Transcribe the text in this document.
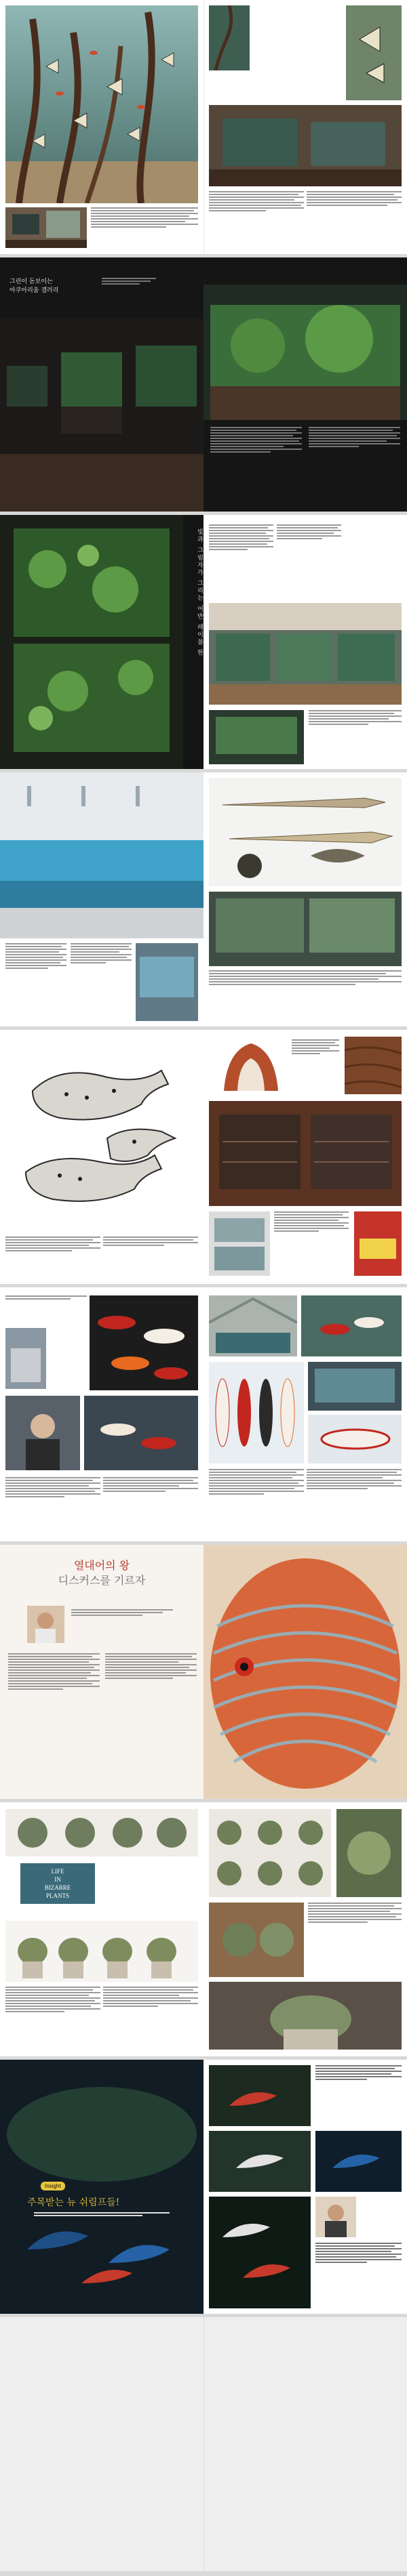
그린이 돋보이는
아쿠아리움 갤러리
빛과 그림자가 그리는 어반 레이블 한
열대어의 왕
디스커스를 기르자
LIFE
IN
BIZARRE
PLANTS
Insight
주목받는 뉴 쉬림프들!
